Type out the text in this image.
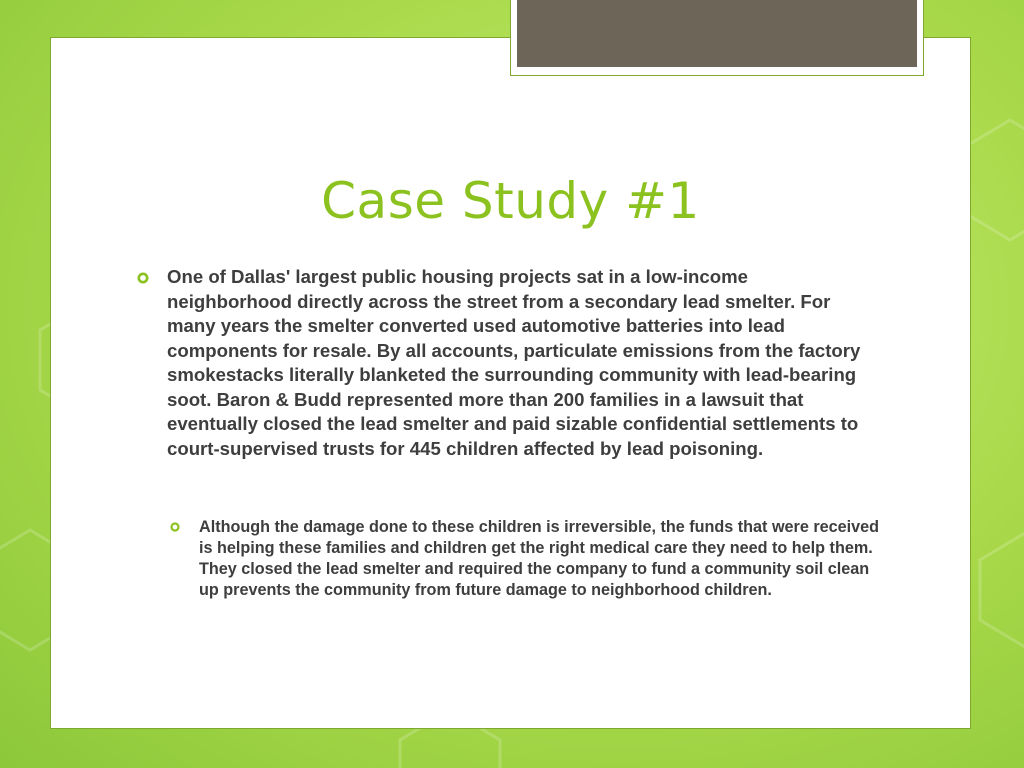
Case Study #1
One of Dallas' largest public housing projects sat in a low-income neighborhood directly across the street from a secondary lead smelter. For many years the smelter converted used automotive batteries into lead components for resale. By all accounts, particulate emissions from the factory smokestacks literally blanketed the surrounding community with lead-bearing soot. Baron & Budd represented more than 200 families in a lawsuit that eventually closed the lead smelter and paid sizable confidential settlements to court-supervised trusts for 445 children affected by lead poisoning.
Although the damage done to these children is irreversible, the funds that were received is helping these families and children get the right medical care they need to help them. They closed the lead smelter and required the company to fund a community soil clean up prevents the community from future damage to neighborhood children.
